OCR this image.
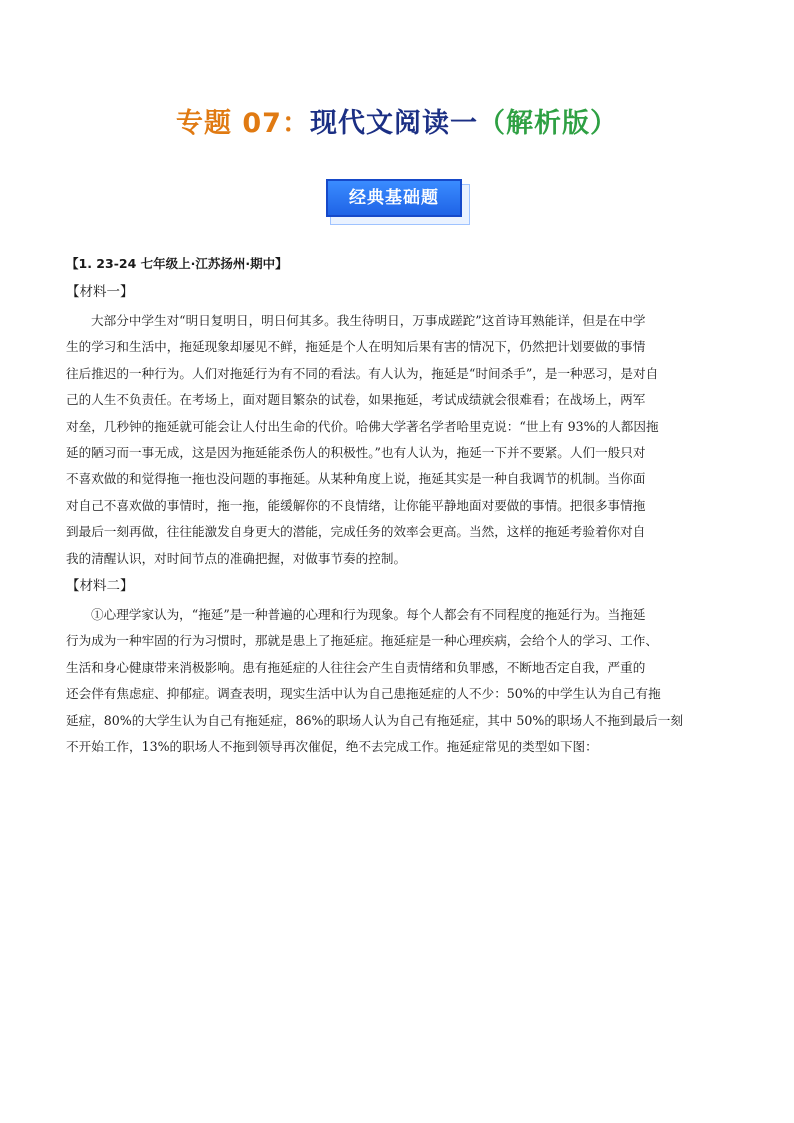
专题 07：现代文阅读一（解析版）
经典基础题
【1. 23-24 七年级上·江苏扬州·期中】
【材料一】
大部分中学生对“明日复明日，明日何其多。我生待明日，万事成蹉跎”这首诗耳熟能详，但是在中学
生的学习和生活中，拖延现象却屡见不鲜，拖延是个人在明知后果有害的情况下，仍然把计划要做的事情
往后推迟的一种行为。人们对拖延行为有不同的看法。有人认为，拖延是“时间杀手”，是一种恶习，是对自
己的人生不负责任。在考场上，面对题目繁杂的试卷，如果拖延，考试成绩就会很难看；在战场上，两军
对垒，几秒钟的拖延就可能会让人付出生命的代价。哈佛大学著名学者哈里克说：“世上有 93%的人都因拖
延的陋习而一事无成，这是因为拖延能杀伤人的积极性。”也有人认为，拖延一下并不要紧。人们一般只对
不喜欢做的和觉得拖一拖也没问题的事拖延。从某种角度上说，拖延其实是一种自我调节的机制。当你面
对自己不喜欢做的事情时，拖一拖，能缓解你的不良情绪，让你能平静地面对要做的事情。把很多事情拖
到最后一刻再做，往往能激发自身更大的潜能，完成任务的效率会更高。当然，这样的拖延考验着你对自
我的清醒认识，对时间节点的准确把握，对做事节奏的控制。
【材料二】
①心理学家认为，“拖延”是一种普遍的心理和行为现象。每个人都会有不同程度的拖延行为。当拖延
行为成为一种牢固的行为习惯时，那就是患上了拖延症。拖延症是一种心理疾病，会给个人的学习、工作、
生活和身心健康带来消极影响。患有拖延症的人往往会产生自责情绪和负罪感，不断地否定自我，严重的
还会伴有焦虑症、抑郁症。调查表明，现实生活中认为自己患拖延症的人不少：50%的中学生认为自己有拖
延症，80%的大学生认为自己有拖延症，86%的职场人认为自己有拖延症，其中 50%的职场人不拖到最后一刻
不开始工作，13%的职场人不拖到领导再次催促，绝不去完成工作。拖延症常见的类型如下图：
